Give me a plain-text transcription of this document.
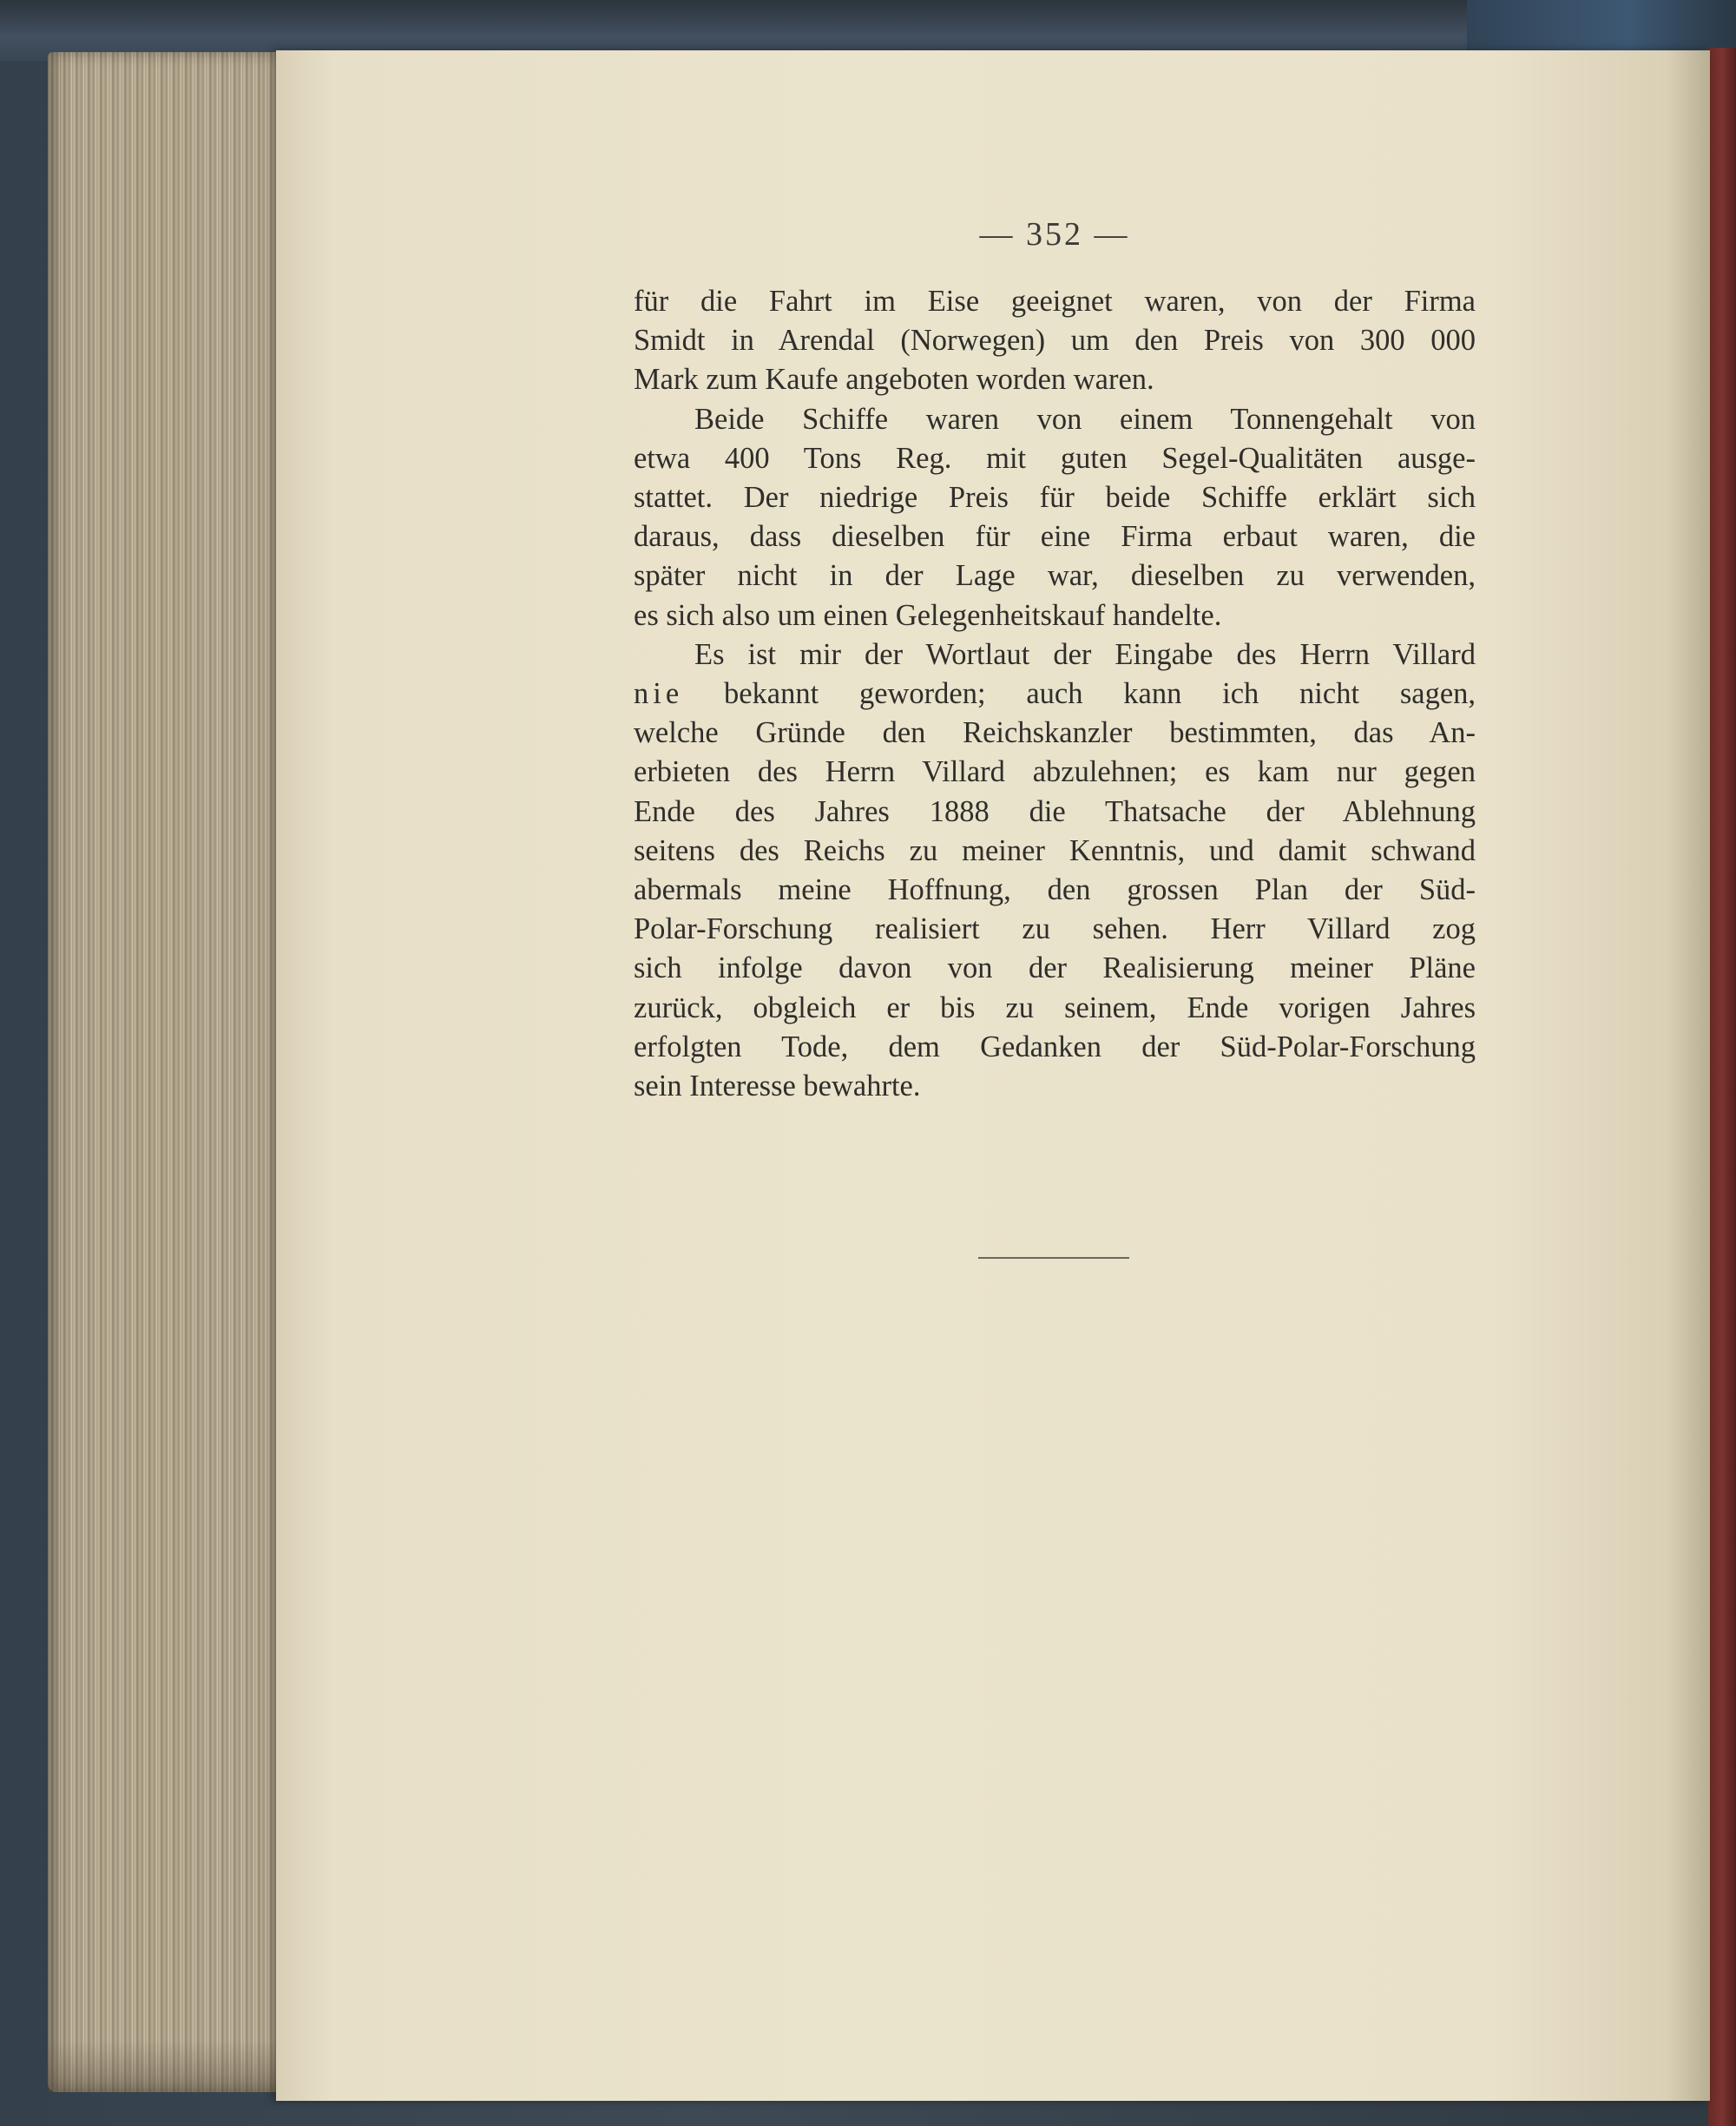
— 352 —
für die Fahrt im Eise geeignet waren, von der Firma
Smidt in Arendal (Norwegen) um den Preis von 300 000
Mark zum Kaufe angeboten worden waren.
Beide Schiffe waren von einem Tonnengehalt von
etwa 400 Tons Reg. mit guten Segel-Qualitäten ausge-
stattet. Der niedrige Preis für beide Schiffe erklärt sich
daraus, dass dieselben für eine Firma erbaut waren, die
später nicht in der Lage war, dieselben zu verwenden,
es sich also um einen Gelegenheitskauf handelte.
Es ist mir der Wortlaut der Eingabe des Herrn Villard
nie bekannt geworden; auch kann ich nicht sagen,
welche Gründe den Reichskanzler bestimmten, das An-
erbieten des Herrn Villard abzulehnen; es kam nur gegen
Ende des Jahres 1888 die Thatsache der Ablehnung
seitens des Reichs zu meiner Kenntnis, und damit schwand
abermals meine Hoffnung, den grossen Plan der Süd-
Polar-Forschung realisiert zu sehen. Herr Villard zog
sich infolge davon von der Realisierung meiner Pläne
zurück, obgleich er bis zu seinem, Ende vorigen Jahres
erfolgten Tode, dem Gedanken der Süd-Polar-Forschung
sein Interesse bewahrte.
